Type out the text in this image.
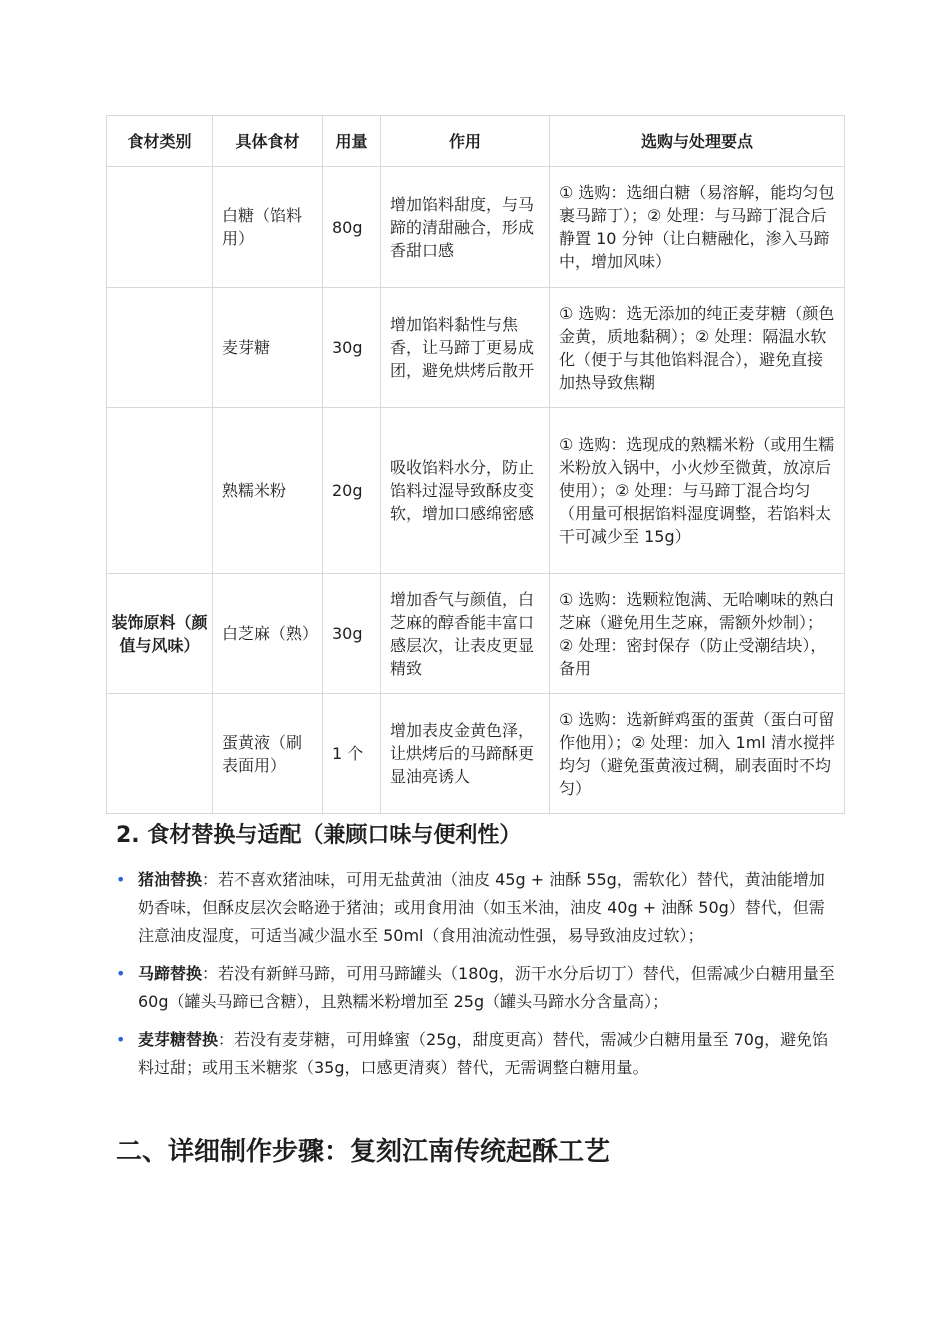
食材类别	具体食材	用量	作用	选购与处理要点
	白糖（馅料用）	80g	增加馅料甜度，与马蹄的清甜融合，形成香甜口感	① 选购：选细白糖（易溶解，能均匀包裹马蹄丁）；② 处理：与马蹄丁混合后静置 10 分钟（让白糖融化，渗入马蹄中，增加风味）
	麦芽糖	30g	增加馅料黏性与焦香，让马蹄丁更易成团，避免烘烤后散开	① 选购：选无添加的纯正麦芽糖（颜色金黄，质地黏稠）；② 处理：隔温水软化（便于与其他馅料混合），避免直接加热导致焦糊
	熟糯米粉	20g	吸收馅料水分，防止馅料过湿导致酥皮变软，增加口感绵密感	① 选购：选现成的熟糯米粉（或用生糯米粉放入锅中，小火炒至微黄，放凉后使用）；② 处理：与马蹄丁混合均匀（用量可根据馅料湿度调整，若馅料太干可减少至 15g）
装饰原料（颜值与风味）	白芝麻（熟）	30g	增加香气与颜值，白芝麻的醇香能丰富口感层次，让表皮更显精致	① 选购：选颗粒饱满、无哈喇味的熟白芝麻（避免用生芝麻，需额外炒制）；② 处理：密封保存（防止受潮结块），备用
	蛋黄液（刷表面用）	1 个	增加表皮金黄色泽，让烘烤后的马蹄酥更显油亮诱人	① 选购：选新鲜鸡蛋的蛋黄（蛋白可留作他用）；② 处理：加入 1ml 清水搅拌均匀（避免蛋黄液过稠，刷表面时不均匀）
2. 食材替换与适配（兼顾口味与便利性）
• 猪油替换：若不喜欢猪油味，可用无盐黄油（油皮 45g + 油酥 55g，需软化）替代，黄油能增加奶香味，但酥皮层次会略逊于猪油；或用食用油（如玉米油，油皮 40g + 油酥 50g）替代，但需注意油皮湿度，可适当减少温水至 50ml（食用油流动性强，易导致油皮过软）；
• 马蹄替换：若没有新鲜马蹄，可用马蹄罐头（180g，沥干水分后切丁）替代，但需减少白糖用量至 60g（罐头马蹄已含糖），且熟糯米粉增加至 25g（罐头马蹄水分含量高）；
• 麦芽糖替换：若没有麦芽糖，可用蜂蜜（25g，甜度更高）替代，需减少白糖用量至 70g，避免馅料过甜；或用玉米糖浆（35g，口感更清爽）替代，无需调整白糖用量。
二、详细制作步骤：复刻江南传统起酥工艺
